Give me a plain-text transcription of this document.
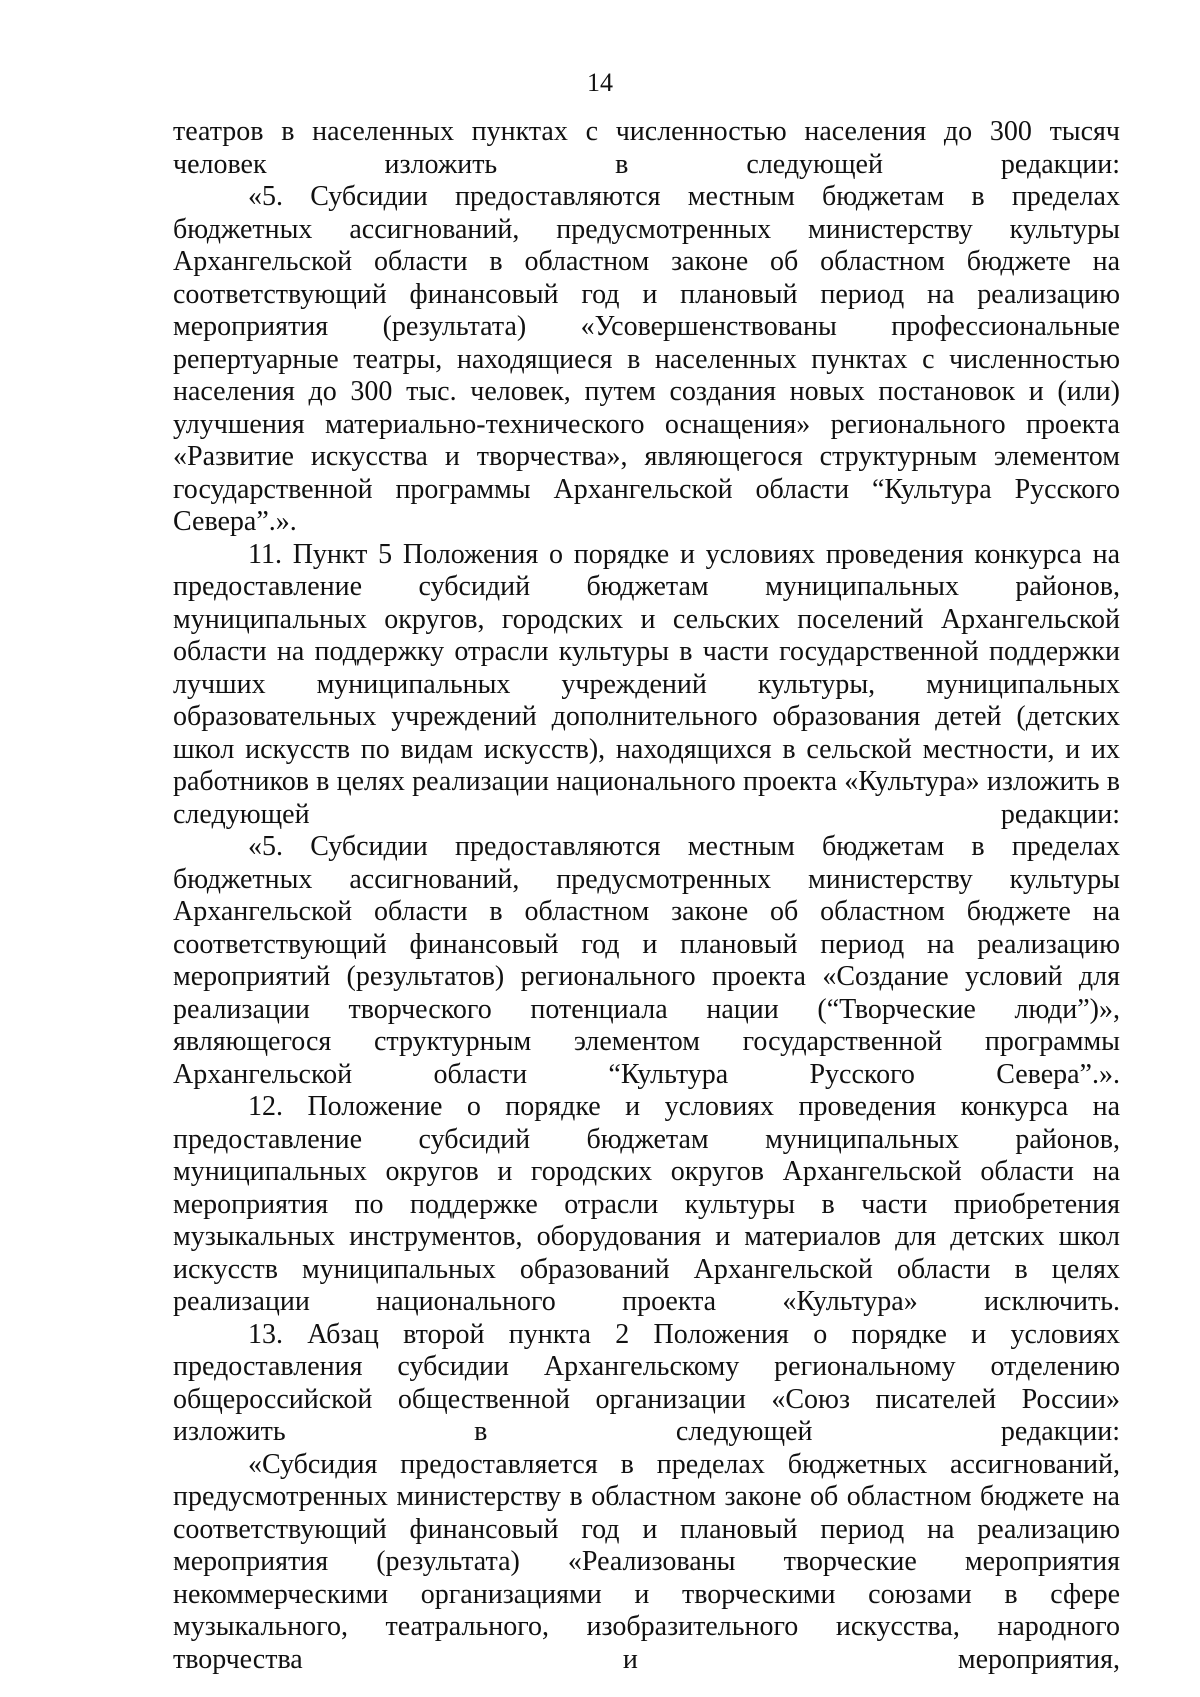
14

театров в населенных пунктах с численностью населения до 300 тысяч человек изложить в следующей редакции:

«5. Субсидии предоставляются местным бюджетам в пределах бюджетных ассигнований, предусмотренных министерству культуры Архангельской области в областном законе об областном бюджете на соответствующий финансовый год и плановый период на реализацию мероприятия (результата) «Усовершенствованы профессиональные репертуарные театры, находящиеся в населенных пунктах с численностью населения до 300 тыс. человек, путем создания новых постановок и (или) улучшения материально-технического оснащения» регионального проекта «Развитие искусства и творчества», являющегося структурным элементом государственной программы Архангельской области “Культура Русского Севера”.».

11. Пункт 5 Положения о порядке и условиях проведения конкурса на предоставление субсидий бюджетам муниципальных районов, муниципальных округов, городских и сельских поселений Архангельской области на поддержку отрасли культуры в части государственной поддержки лучших муниципальных учреждений культуры, муниципальных образовательных учреждений дополнительного образования детей (детских школ искусств по видам искусств), находящихся в сельской местности, и их работников в целях реализации национального проекта «Культура» изложить в следующей редакции:

«5. Субсидии предоставляются местным бюджетам в пределах бюджетных ассигнований, предусмотренных министерству культуры Архангельской области в областном законе об областном бюджете на соответствующий финансовый год и плановый период на реализацию мероприятий (результатов) регионального проекта «Создание условий для реализации творческого потенциала нации (“Творческие люди”)», являющегося структурным элементом государственной программы Архангельской области “Культура Русского Севера”.».

12. Положение о порядке и условиях проведения конкурса на предоставление субсидий бюджетам муниципальных районов, муниципальных округов и городских округов Архангельской области на мероприятия по поддержке отрасли культуры в части приобретения музыкальных инструментов, оборудования и материалов для детских школ искусств муниципальных образований Архангельской области в целях реализации национального проекта «Культура» исключить.

13. Абзац второй пункта 2 Положения о порядке и условиях предоставления субсидии Архангельскому региональному отделению общероссийской общественной организации «Союз писателей России» изложить в следующей редакции:

«Субсидия предоставляется в пределах бюджетных ассигнований, предусмотренных министерству в областном законе об областном бюджете на соответствующий финансовый год и плановый период на реализацию мероприятия (результата) «Реализованы творческие мероприятия некоммерческими организациями и творческими союзами в сфере музыкального, театрального, изобразительного искусства, народного творчества и мероприятия,
